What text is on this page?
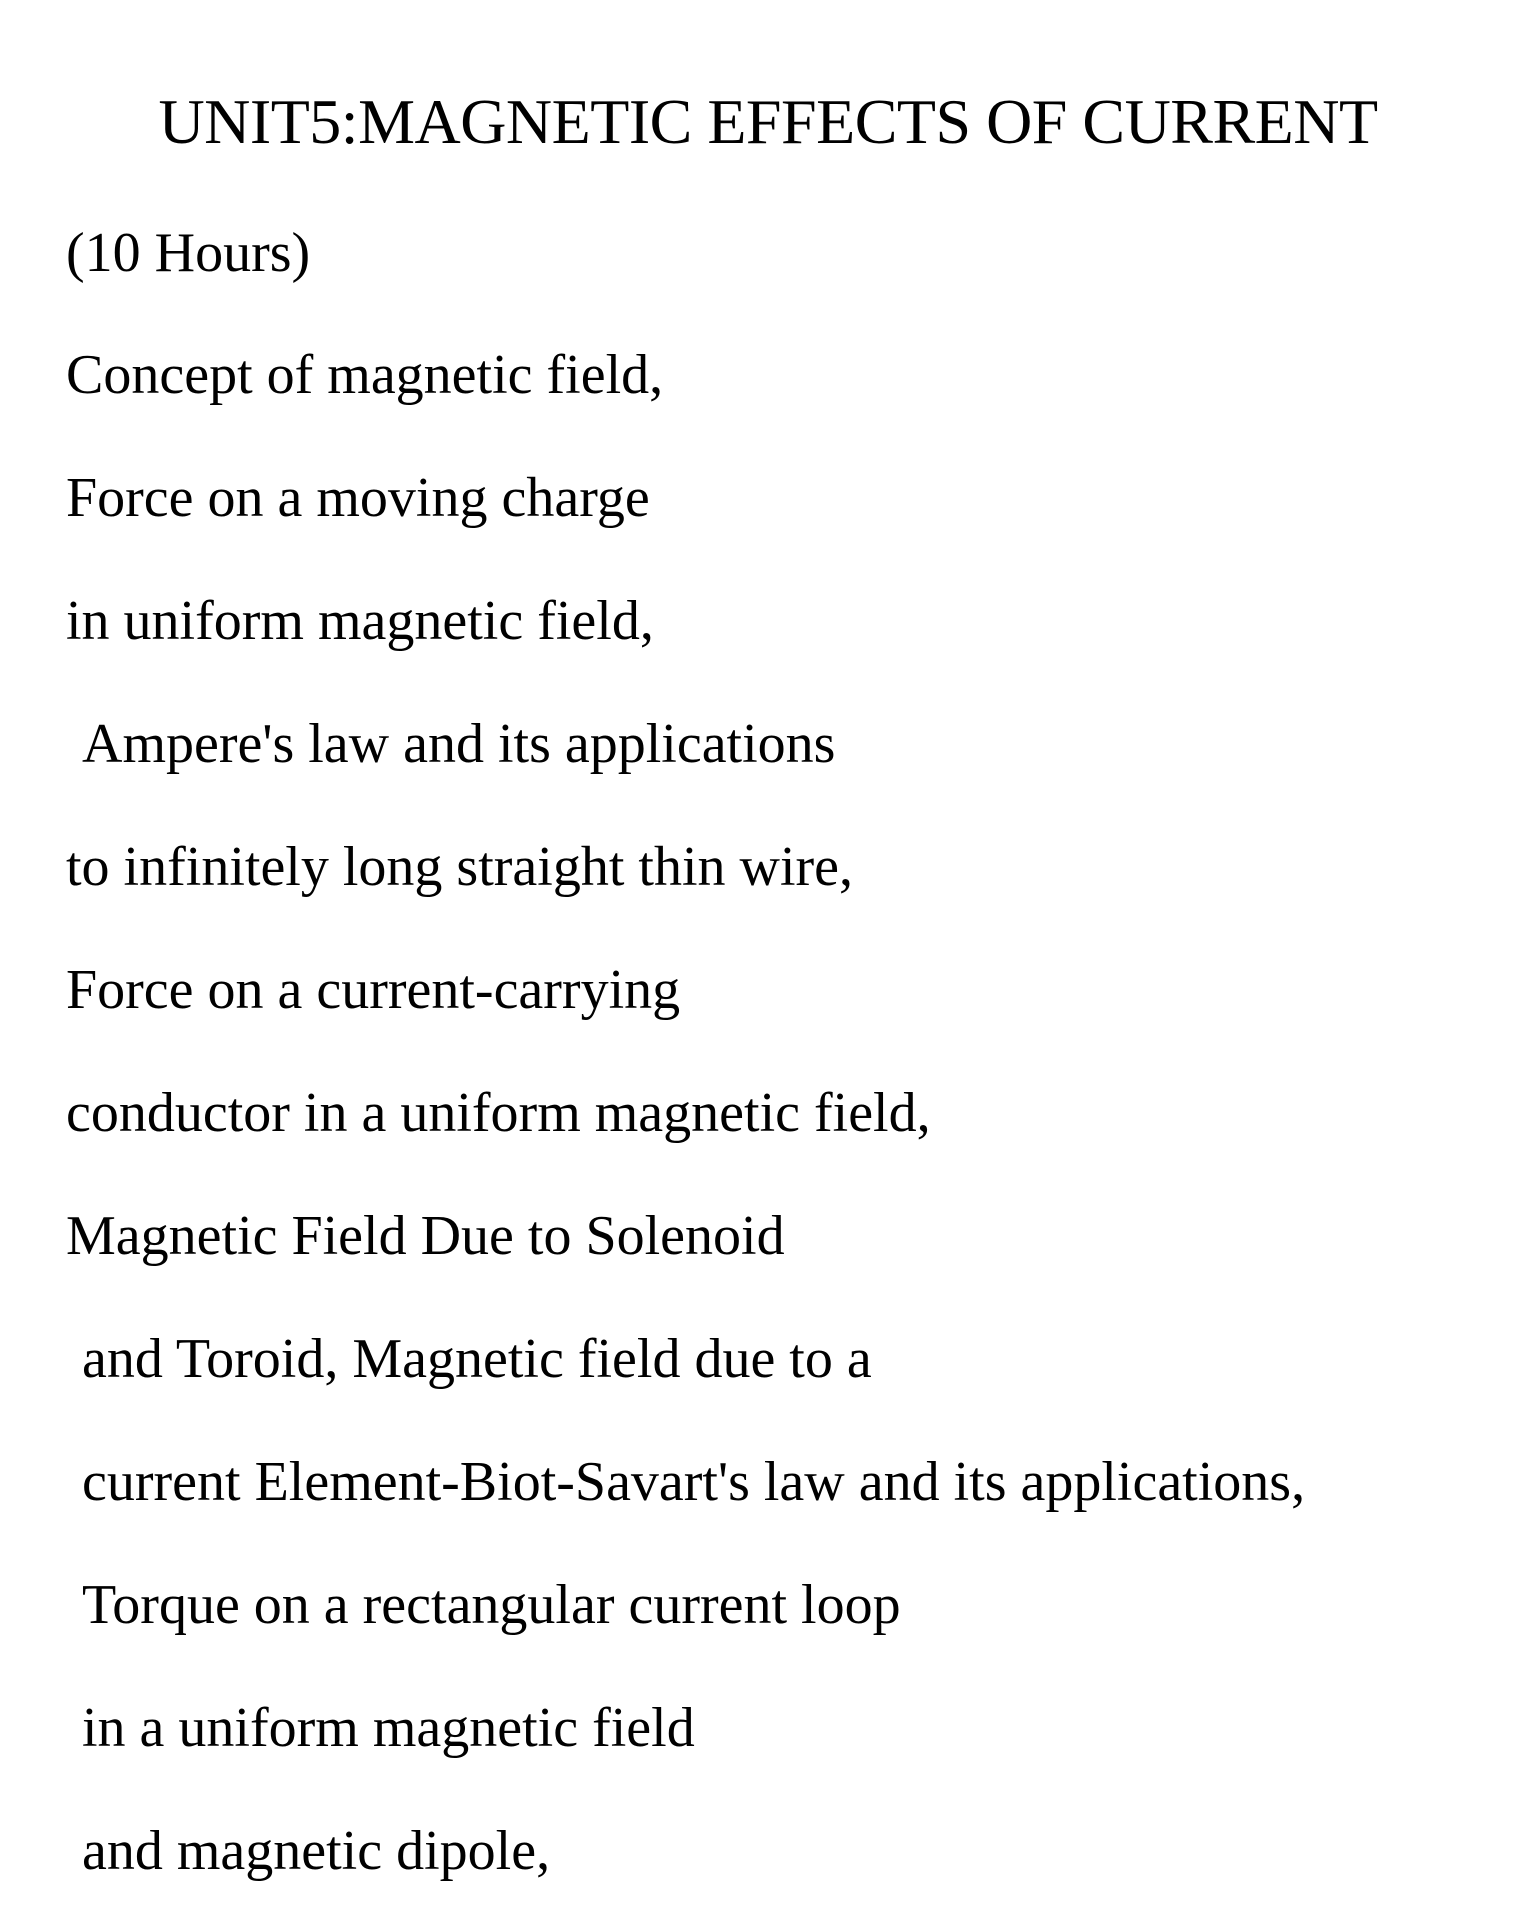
UNIT5:MAGNETIC EFFECTS OF CURRENT

(10 Hours)

Concept of magnetic field,

Force on a moving charge

in uniform magnetic field,

Ampere's law and its applications

to infinitely long straight thin wire,

Force on a current-carrying

conductor in a uniform magnetic field,

Magnetic Field Due to Solenoid

and Toroid, Magnetic field due to a

current Element-Biot-Savart's law and its applications,

Torque on a rectangular current loop

in a uniform magnetic field

and magnetic dipole,
